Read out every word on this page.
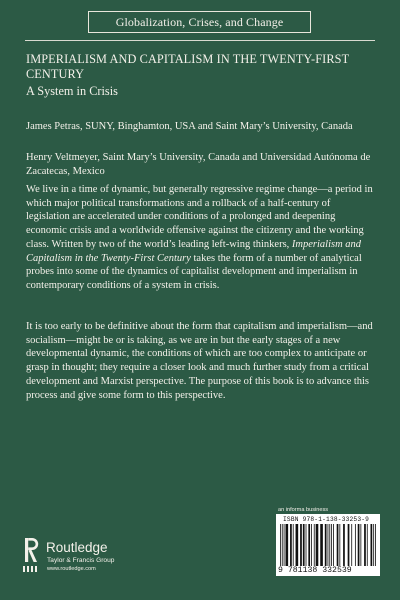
Globalization, Crises, and Change
IMPERIALISM AND CAPITALISM IN THE TWENTY-FIRST CENTURY
A System in Crisis
James Petras, SUNY, Binghamton, USA and Saint Mary’s University, Canada
Henry Veltmeyer, Saint Mary’s University, Canada and Universidad Autónoma de Zacatecas, Mexico

We live in a time of dynamic, but generally regressive regime change—a period in which major political transformations and a rollback of a half-century of legislation are accelerated under conditions of a prolonged and deepening economic crisis and a worldwide offensive against the citizenry and the working class. Written by two of the world’s leading left-wing thinkers, Imperialism and Capitalism in the Twenty-First Century takes the form of a number of analytical probes into some of the dynamics of capitalist development and imperialism in contemporary conditions of a system in crisis.

It is too early to be definitive about the form that capitalism and imperialism—and socialism—might be or is taking, as we are in but the early stages of a new developmental dynamic, the conditions of which are too complex to anticipate or grasp in thought; they require a closer look and much further study from a critical development and Marxist perspective. The purpose of this book is to advance this process and give some form to this perspective.

Routledge
Taylor & Francis Group
www.routledge.com
an informa business
ISBN 978-1-138-33253-9
9 781138 332539
